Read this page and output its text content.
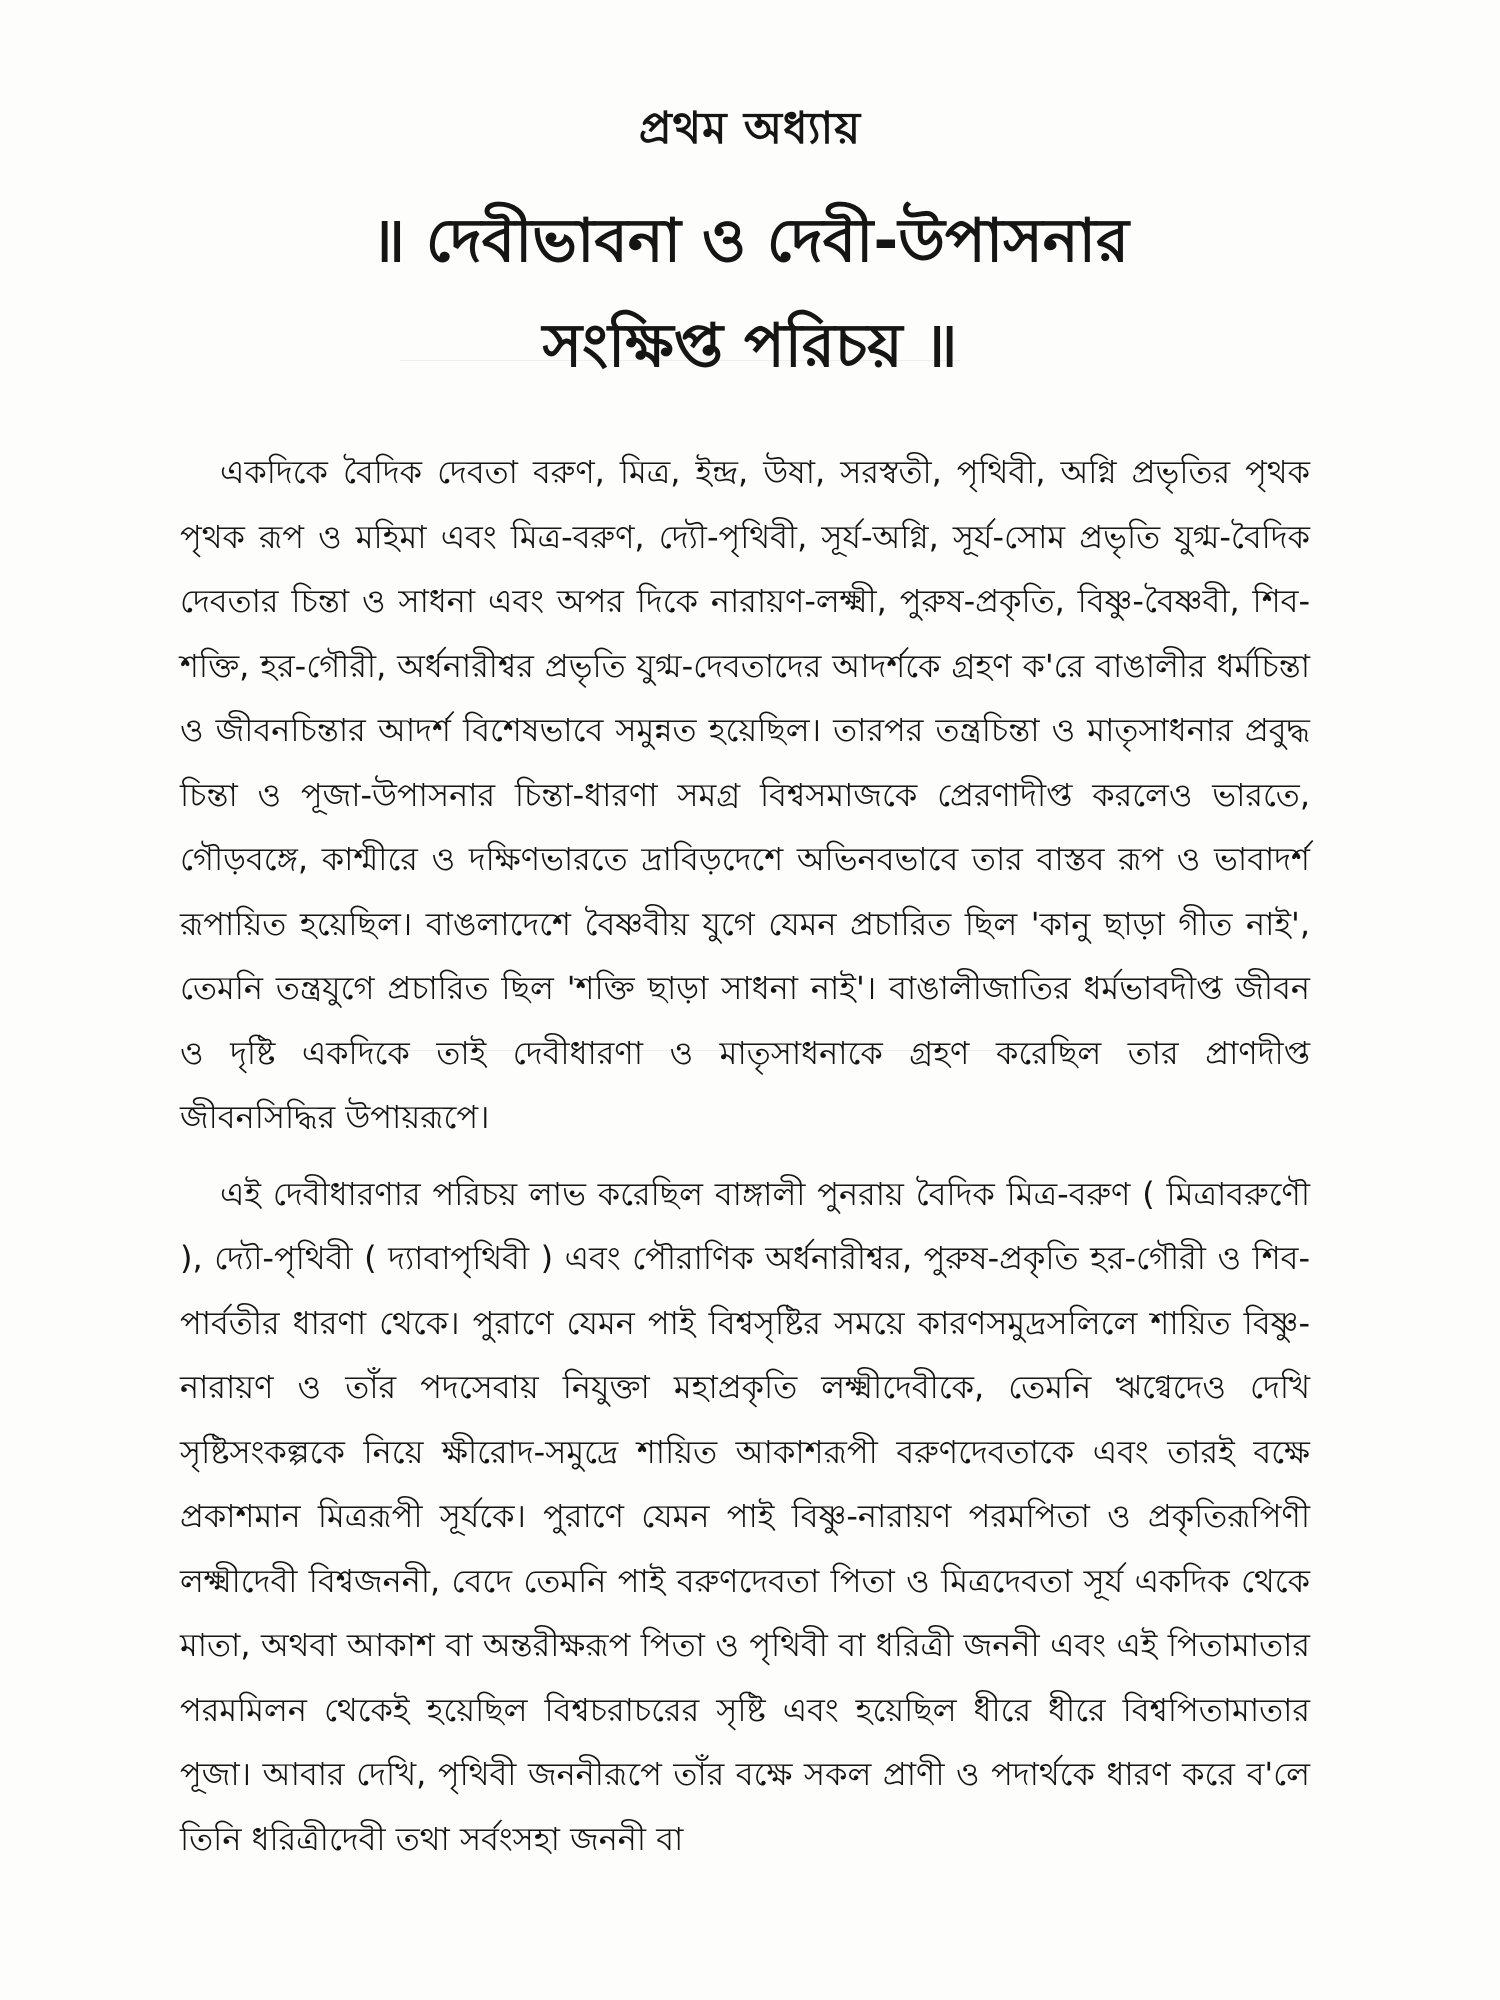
প্রথম অধ্যায়
॥ দেবীভাবনা ও দেবী-উপাসনার
সংক্ষিপ্ত পরিচয় ॥

একদিকে বৈদিক দেবতা বরুণ, মিত্র, ইন্দ্র, উষা, সরস্বতী, পৃথিবী, অগ্নি প্রভৃতির পৃথক পৃথক রূপ ও মহিমা এবং মিত্র-বরুণ, দ্যৌ-পৃথিবী, সূর্য-অগ্নি, সূর্য-সোম প্রভৃতি যুগ্ম-বৈদিক দেবতার চিন্তা ও সাধনা এবং অপর দিকে নারায়ণ-লক্ষ্মী, পুরুষ-প্রকৃতি, বিষ্ণু-বৈষ্ণবী, শিব-শক্তি, হর-গৌরী, অর্ধনারীশ্বর প্রভৃতি যুগ্ম-দেবতাদের আদর্শকে গ্রহণ ক'রে বাঙালীর ধর্মচিন্তা ও জীবনচিন্তার আদর্শ বিশেষভাবে সমুন্নত হয়েছিল। তারপর তন্ত্রচিন্তা ও মাতৃসাধনার প্রবুদ্ধ চিন্তা ও পূজা-উপাসনার চিন্তা-ধারণা সমগ্র বিশ্বসমাজকে প্রেরণাদীপ্ত করলেও ভারতে, গৌড়বঙ্গে, কাশ্মীরে ও দক্ষিণভারতে দ্রাবিড়দেশে অভিনবভাবে তার বাস্তব রূপ ও ভাবাদর্শ রূপায়িত হয়েছিল। বাঙলাদেশে বৈষ্ণবীয় যুগে যেমন প্রচারিত ছিল 'কানু ছাড়া গীত নাই', তেমনি তন্ত্রযুগে প্রচারিত ছিল 'শক্তি ছাড়া সাধনা নাই'। বাঙালীজাতির ধর্মভাবদীপ্ত জীবন ও দৃষ্টি একদিকে তাই দেবীধারণা ও মাতৃসাধনাকে গ্রহণ করেছিল তার প্রাণদীপ্ত জীবনসিদ্ধির উপায়রূপে।

এই দেবীধারণার পরিচয় লাভ করেছিল বাঙ্গালী পুনরায় বৈদিক মিত্র-বরুণ ( মিত্রাবরুণৌ ), দ্যৌ-পৃথিবী ( দ্যাবাপৃথিবী ) এবং পৌরাণিক অর্ধনারীশ্বর, পুরুষ-প্রকৃতি হর-গৌরী ও শিব-পার্বতীর ধারণা থেকে। পুরাণে যেমন পাই বিশ্বসৃষ্টির সময়ে কারণসমুদ্রসলিলে শায়িত বিষ্ণু-নারায়ণ ও তাঁর পদসেবায় নিযুক্তা মহাপ্রকৃতি লক্ষ্মীদেবীকে, তেমনি ঋগ্বেদেও দেখি সৃষ্টিসংকল্পকে নিয়ে ক্ষীরোদ-সমুদ্রে শায়িত আকাশরূপী বরুণদেবতাকে এবং তারই বক্ষে প্রকাশমান মিত্ররূপী সূর্যকে। পুরাণে যেমন পাই বিষ্ণু-নারায়ণ পরমপিতা ও প্রকৃতিরূপিণী লক্ষ্মীদেবী বিশ্বজননী, বেদে তেমনি পাই বরুণদেবতা পিতা ও মিত্রদেবতা সূর্য একদিক থেকে মাতা, অথবা আকাশ বা অন্তরীক্ষরূপ পিতা ও পৃথিবী বা ধরিত্রী জননী এবং এই পিতামাতার পরমমিলন থেকেই হয়েছিল বিশ্বচরাচরের সৃষ্টি এবং হয়েছিল ধীরে ধীরে বিশ্বপিতামাতার পূজা। আবার দেখি, পৃথিবী জননীরূপে তাঁর বক্ষে সকল প্রাণী ও পদার্থকে ধারণ করে ব'লে তিনি ধরিত্রীদেবী তথা সর্বংসহা জননী বা
